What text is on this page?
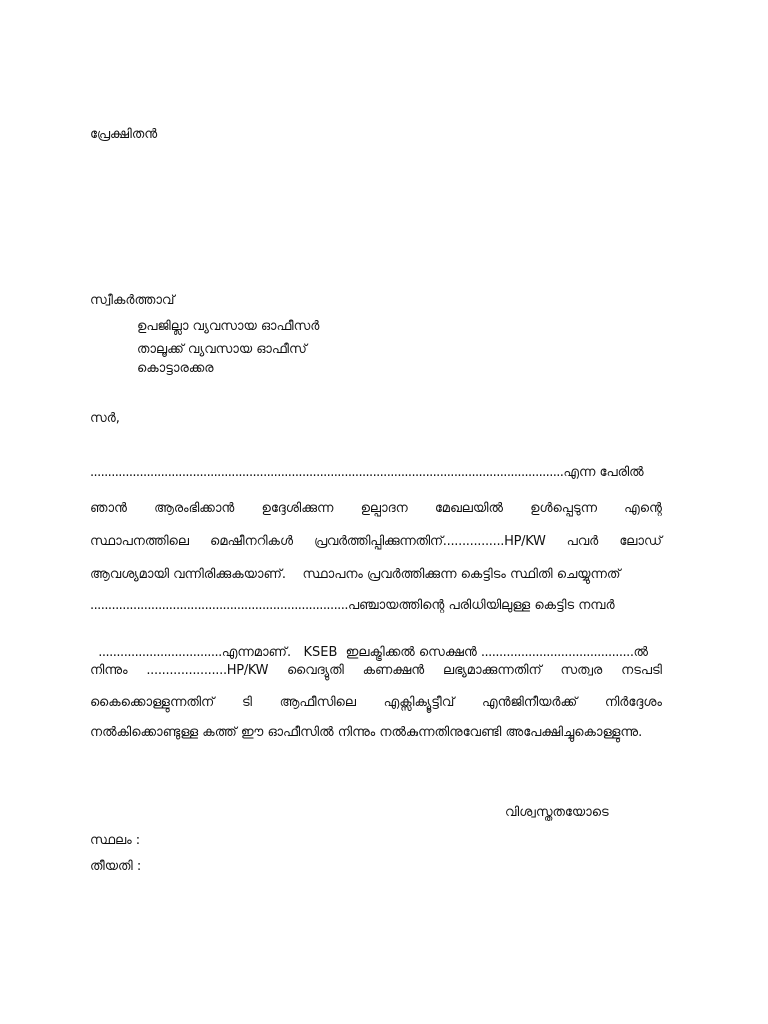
പ്രേക്ഷിതൻ
സ്വീകർത്താവ്
ഉപജില്ലാ വ്യവസായ ഓഫീസർ
താലൂക്ക് വ്യവസായ ഓഫീസ്
കൊട്ടാരക്കര
സർ,
......................................................................................................................................എന്ന പേരിൽ
ഞാൻ ആരംഭിക്കാൻ ഉദ്ദേശിക്കുന്ന ഉല്പാദന മേഖലയിൽ ഉൾപ്പെടുന്ന എന്റെ
സ്ഥാപനത്തിലെ മെഷീനറികൾ പ്രവർത്തിപ്പിക്കുന്നതിന്................HP/KW പവർ ലോഡ്
ആവശ്യമായി വന്നിരിക്കുകയാണ്.    സ്ഥാപനം പ്രവർത്തിക്കുന്ന കെട്ടിടം സ്ഥിതി ചെയ്യുന്നത്
........................................................................പഞ്ചായത്തിന്റെ പരിധിയിലുള്ള കെട്ടിട നമ്പർ

..................................എന്നമാണ്.   KSEB  ഇലക്ട്രിക്കൽ സെക്ഷൻ ..........................................ൽ

നിന്നും .....................HP/KW വൈദ്യുതി കണക്ഷൻ ലഭ്യമാക്കുന്നതിന് സത്വര നടപടി
കൈക്കൊള്ളുന്നതിന് ടി ആഫീസിലെ എക്സിക്യൂട്ടീവ് എൻജിനീയർക്ക് നിർദ്ദേശം
നൽകിക്കൊണ്ടുള്ള കത്ത് ഈ ഓഫീസിൽ നിന്നും നൽകുന്നതിനുവേണ്ടി അപേക്ഷിച്ചുകൊള്ളുന്നു.
വിശ്വസ്തതയോടെ
സ്ഥലം :
തീയതി :
